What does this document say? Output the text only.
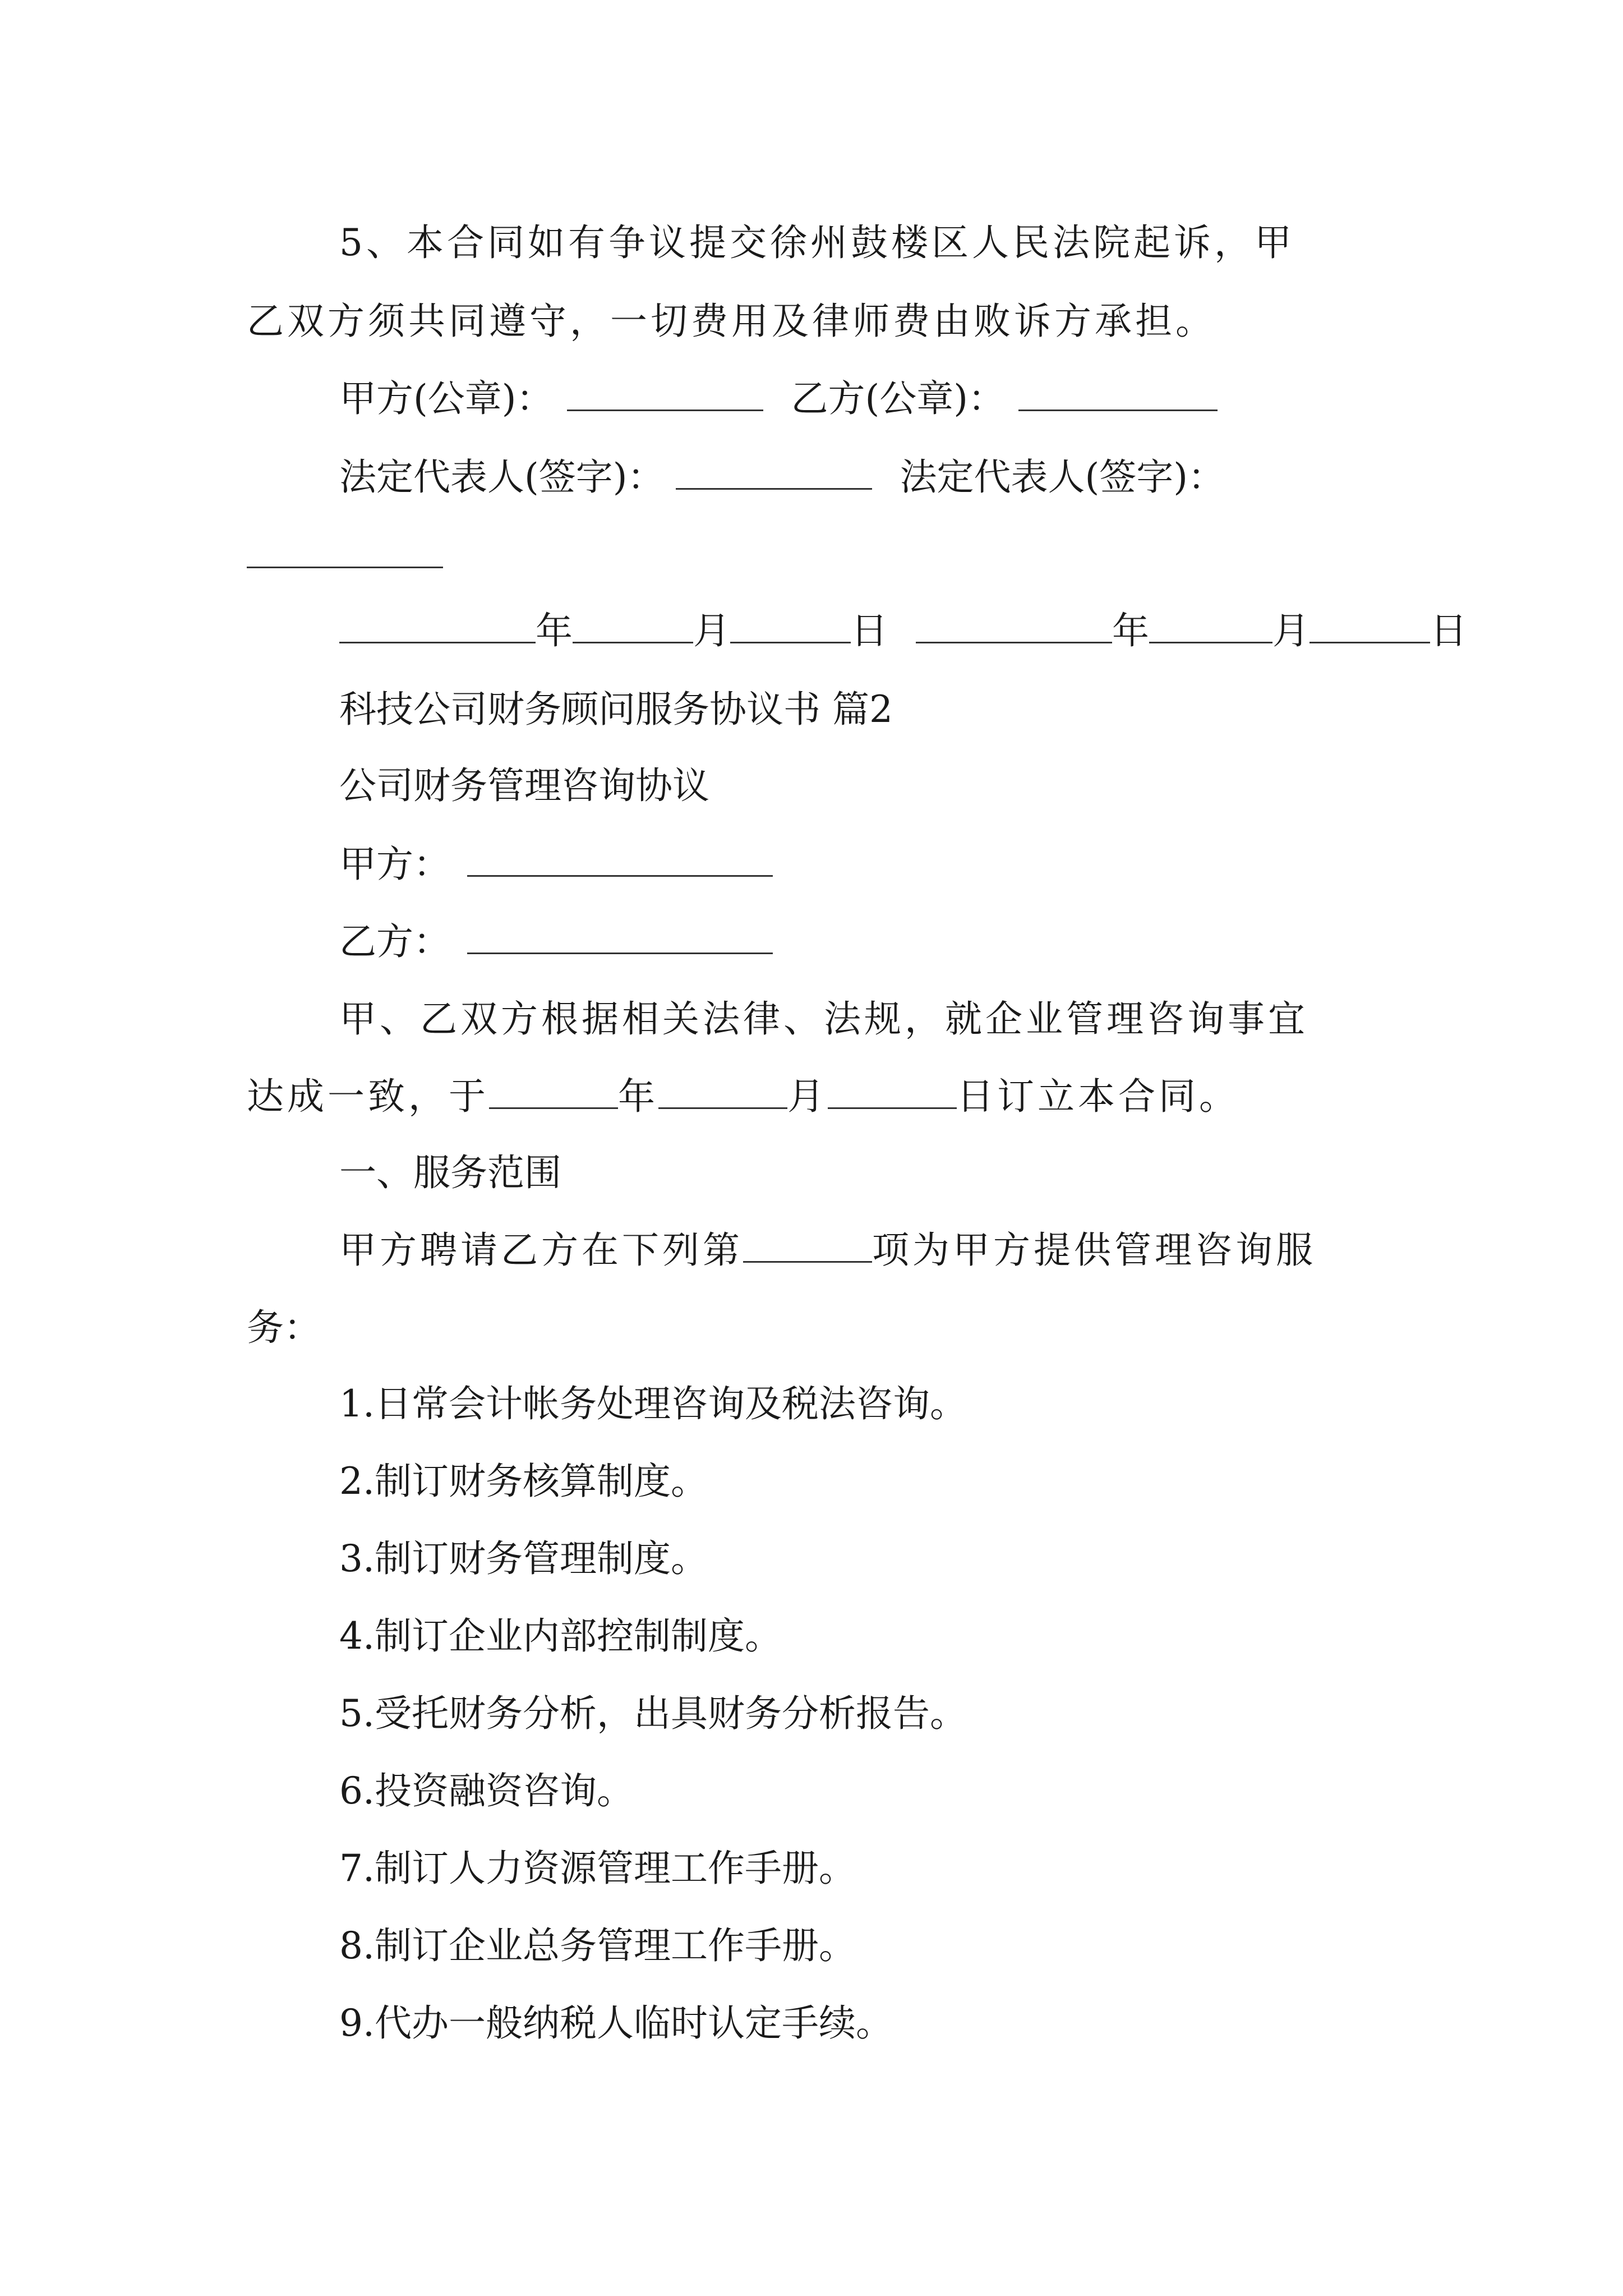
5、本合同如有争议提交徐州鼓楼区人民法院起诉，甲
乙双方须共同遵守，一切费用及律师费由败诉方承担。
甲方(公章)：	乙方(公章)：
法定代表人(签字)：	法定代表人(签字)：
年	月	日	年	月	日
科技公司财务顾问服务协议书 篇2
公司财务管理咨询协议
甲方：
乙方：
甲、乙双方根据相关法律、法规，就企业管理咨询事宜
达成一致，于	年	月	日订立本合同。
一、服务范围
甲方聘请乙方在下列第	项为甲方提供管理咨询服
务：
1.日常会计帐务处理咨询及税法咨询。
2.制订财务核算制度。
3.制订财务管理制度。
4.制订企业内部控制制度。
5.受托财务分析，出具财务分析报告。
6.投资融资咨询。
7.制订人力资源管理工作手册。
8.制订企业总务管理工作手册。
9.代办一般纳税人临时认定手续。
